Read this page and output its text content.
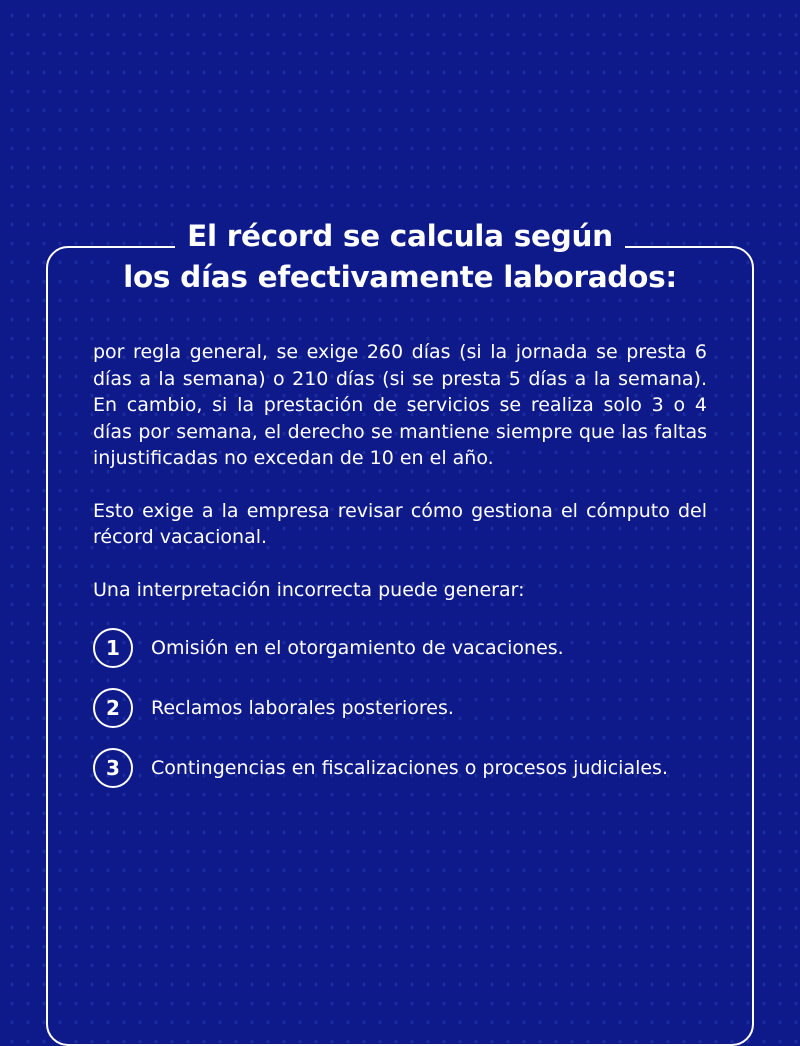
El récord se calcula según
los días efectivamente laborados:

por regla general, se exige 260 días (si la jornada se presta 6 días a la semana) o 210 días (si se presta 5 días a la semana). En cambio, si la prestación de servicios se realiza solo 3 o 4 días por semana, el derecho se mantiene siempre que las faltas injustificadas no excedan de 10 en el año.

Esto exige a la empresa revisar cómo gestiona el cómputo del récord vacacional.

Una interpretación incorrecta puede generar:

1	Omisión en el otorgamiento de vacaciones.
2	Reclamos laborales posteriores.
3	Contingencias en fiscalizaciones o procesos judiciales.
